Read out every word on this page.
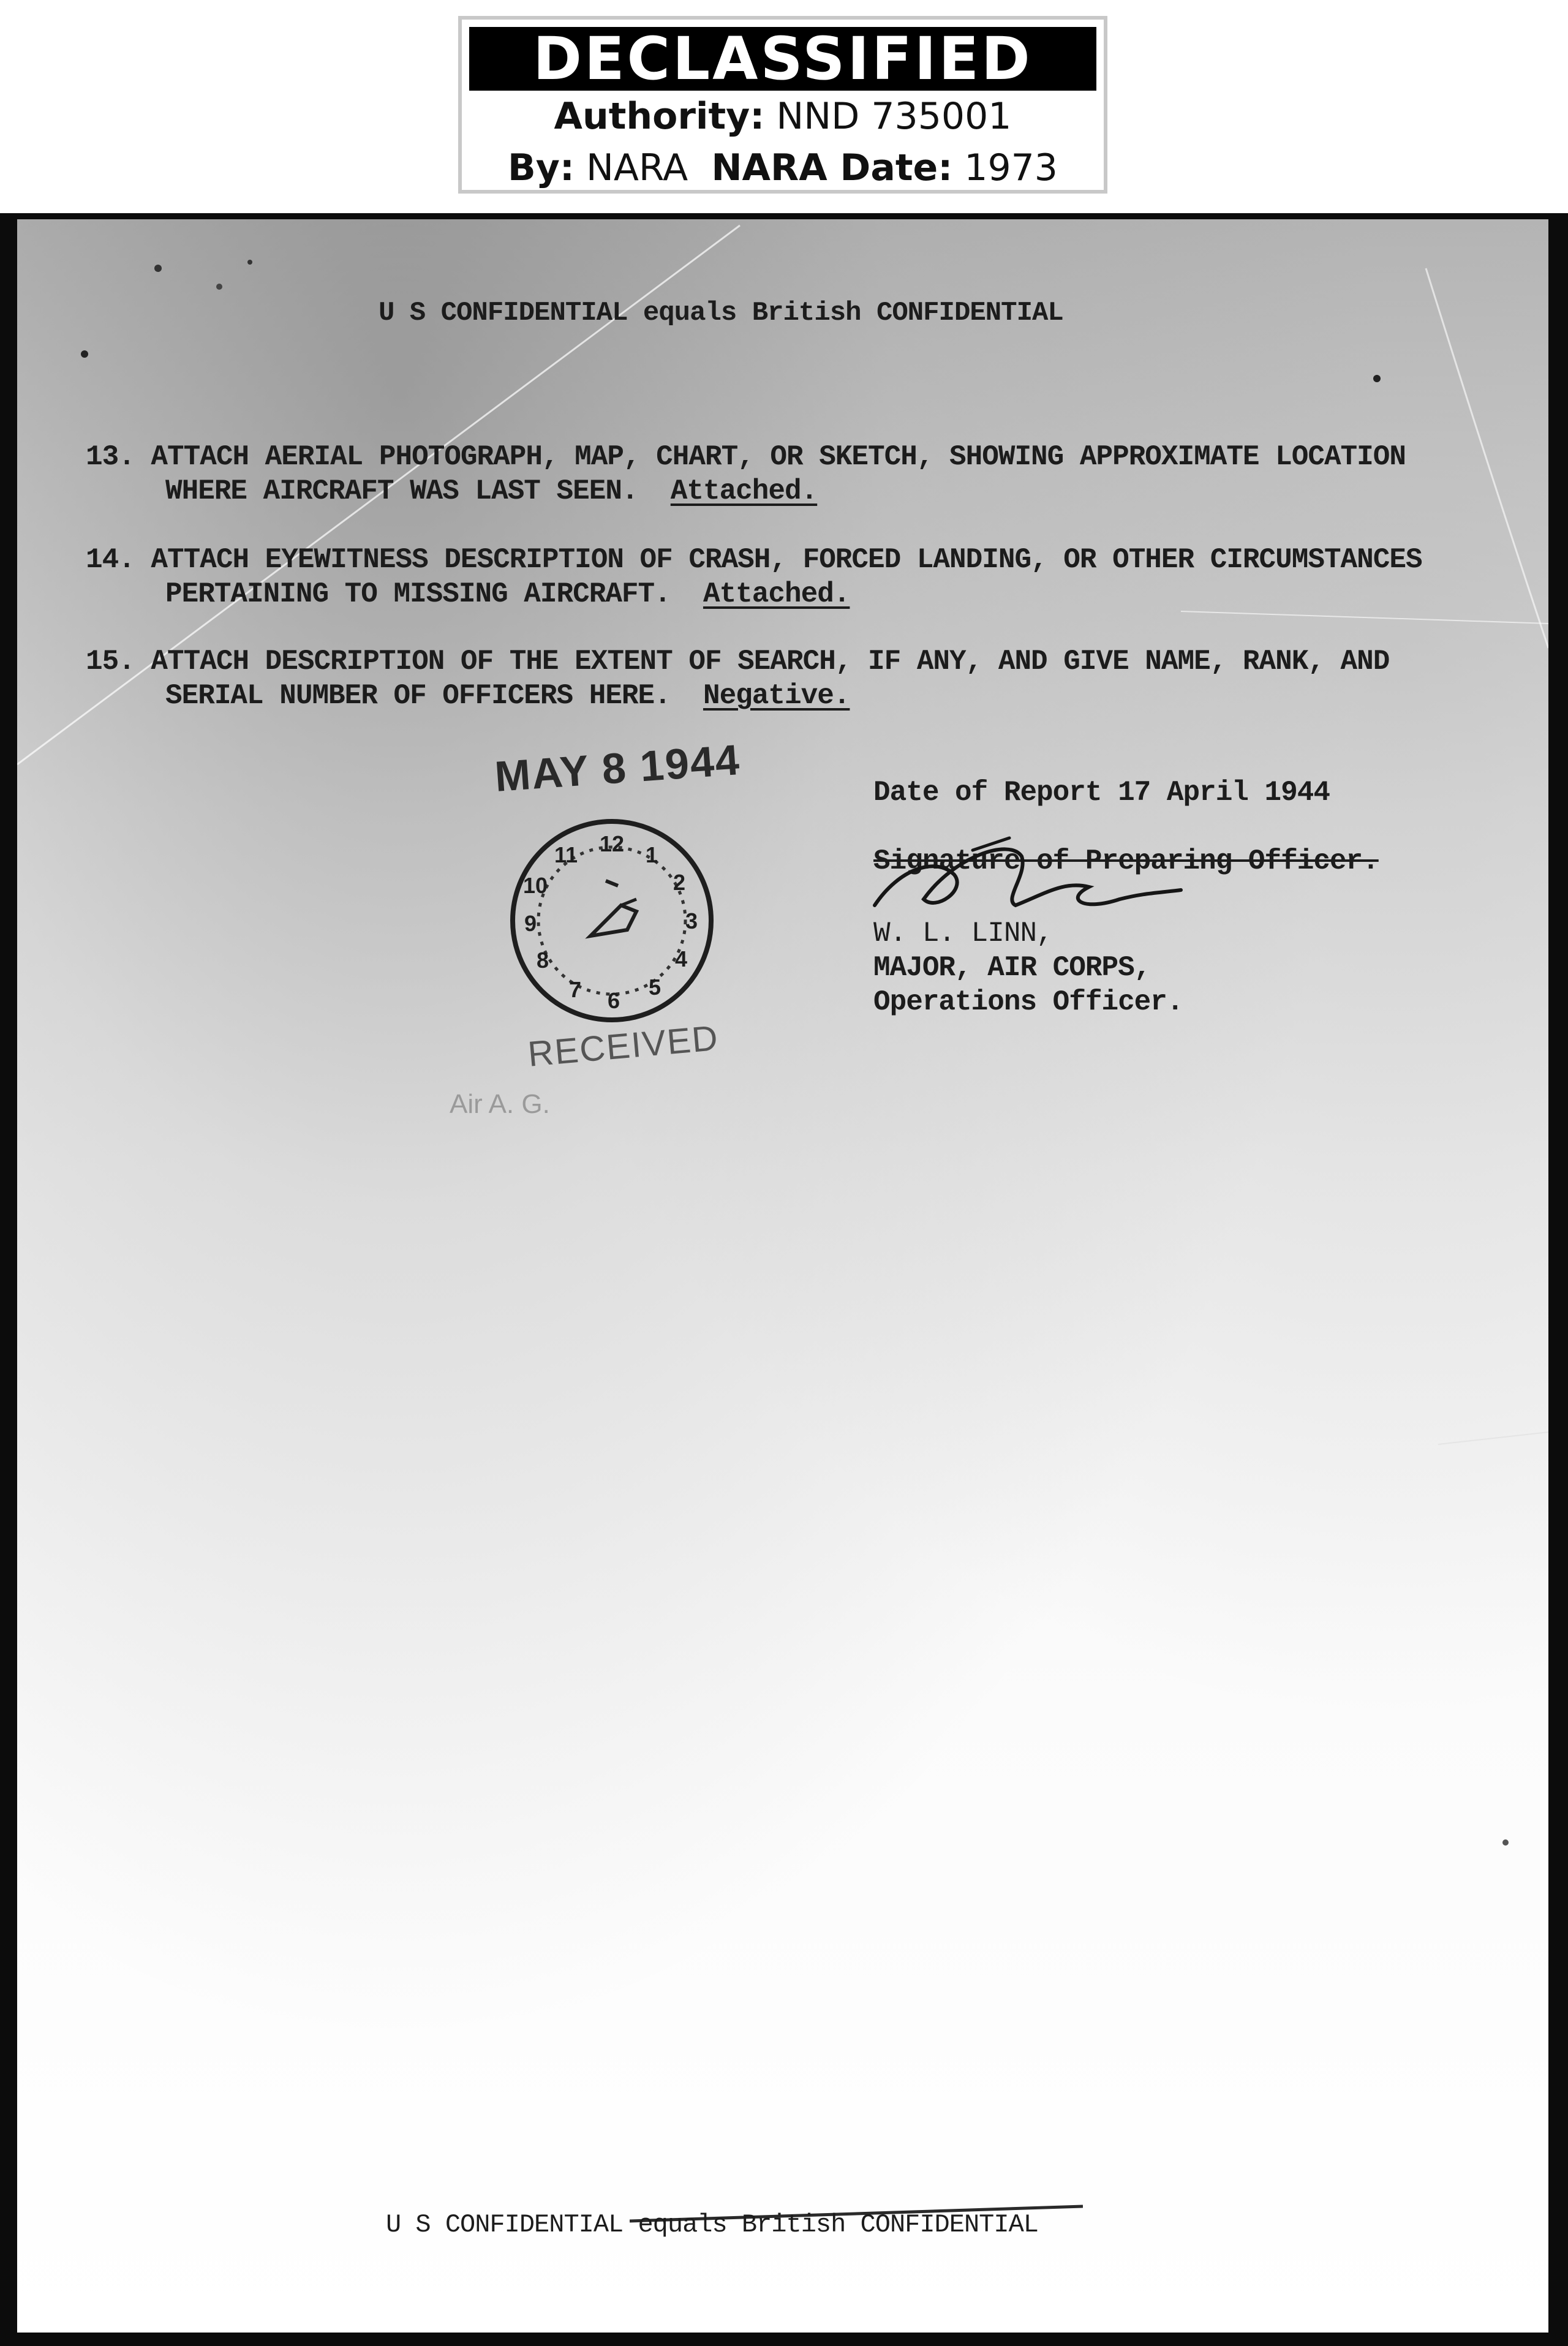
DECLASSIFIED
Authority: NND 735001
By: NARA NARA Date: 1973
U S CONFIDENTIAL equals British CONFIDENTIAL
13. ATTACH AERIAL PHOTOGRAPH, MAP, CHART, OR SKETCH, SHOWING APPROXIMATE LOCATION
WHERE AIRCRAFT WAS LAST SEEN. Attached.
14. ATTACH EYEWITNESS DESCRIPTION OF CRASH, FORCED LANDING, OR OTHER CIRCUMSTANCES
PERTAINING TO MISSING AIRCRAFT. Attached.
15. ATTACH DESCRIPTION OF THE EXTENT OF SEARCH, IF ANY, AND GIVE NAME, RANK, AND
SERIAL NUMBER OF OFFICERS HERE. Negative.
MAY 8 1944
12 1
2
3
4
5
6
7
8
9
10
11
RECEIVED
Air A. G.
Date of Report 17 April 1944
Signature of Preparing Officer.
W. L. LINN,
MAJOR, AIR CORPS,
Operations Officer.
U S CONFIDENTIAL equals British CONFIDENTIAL
